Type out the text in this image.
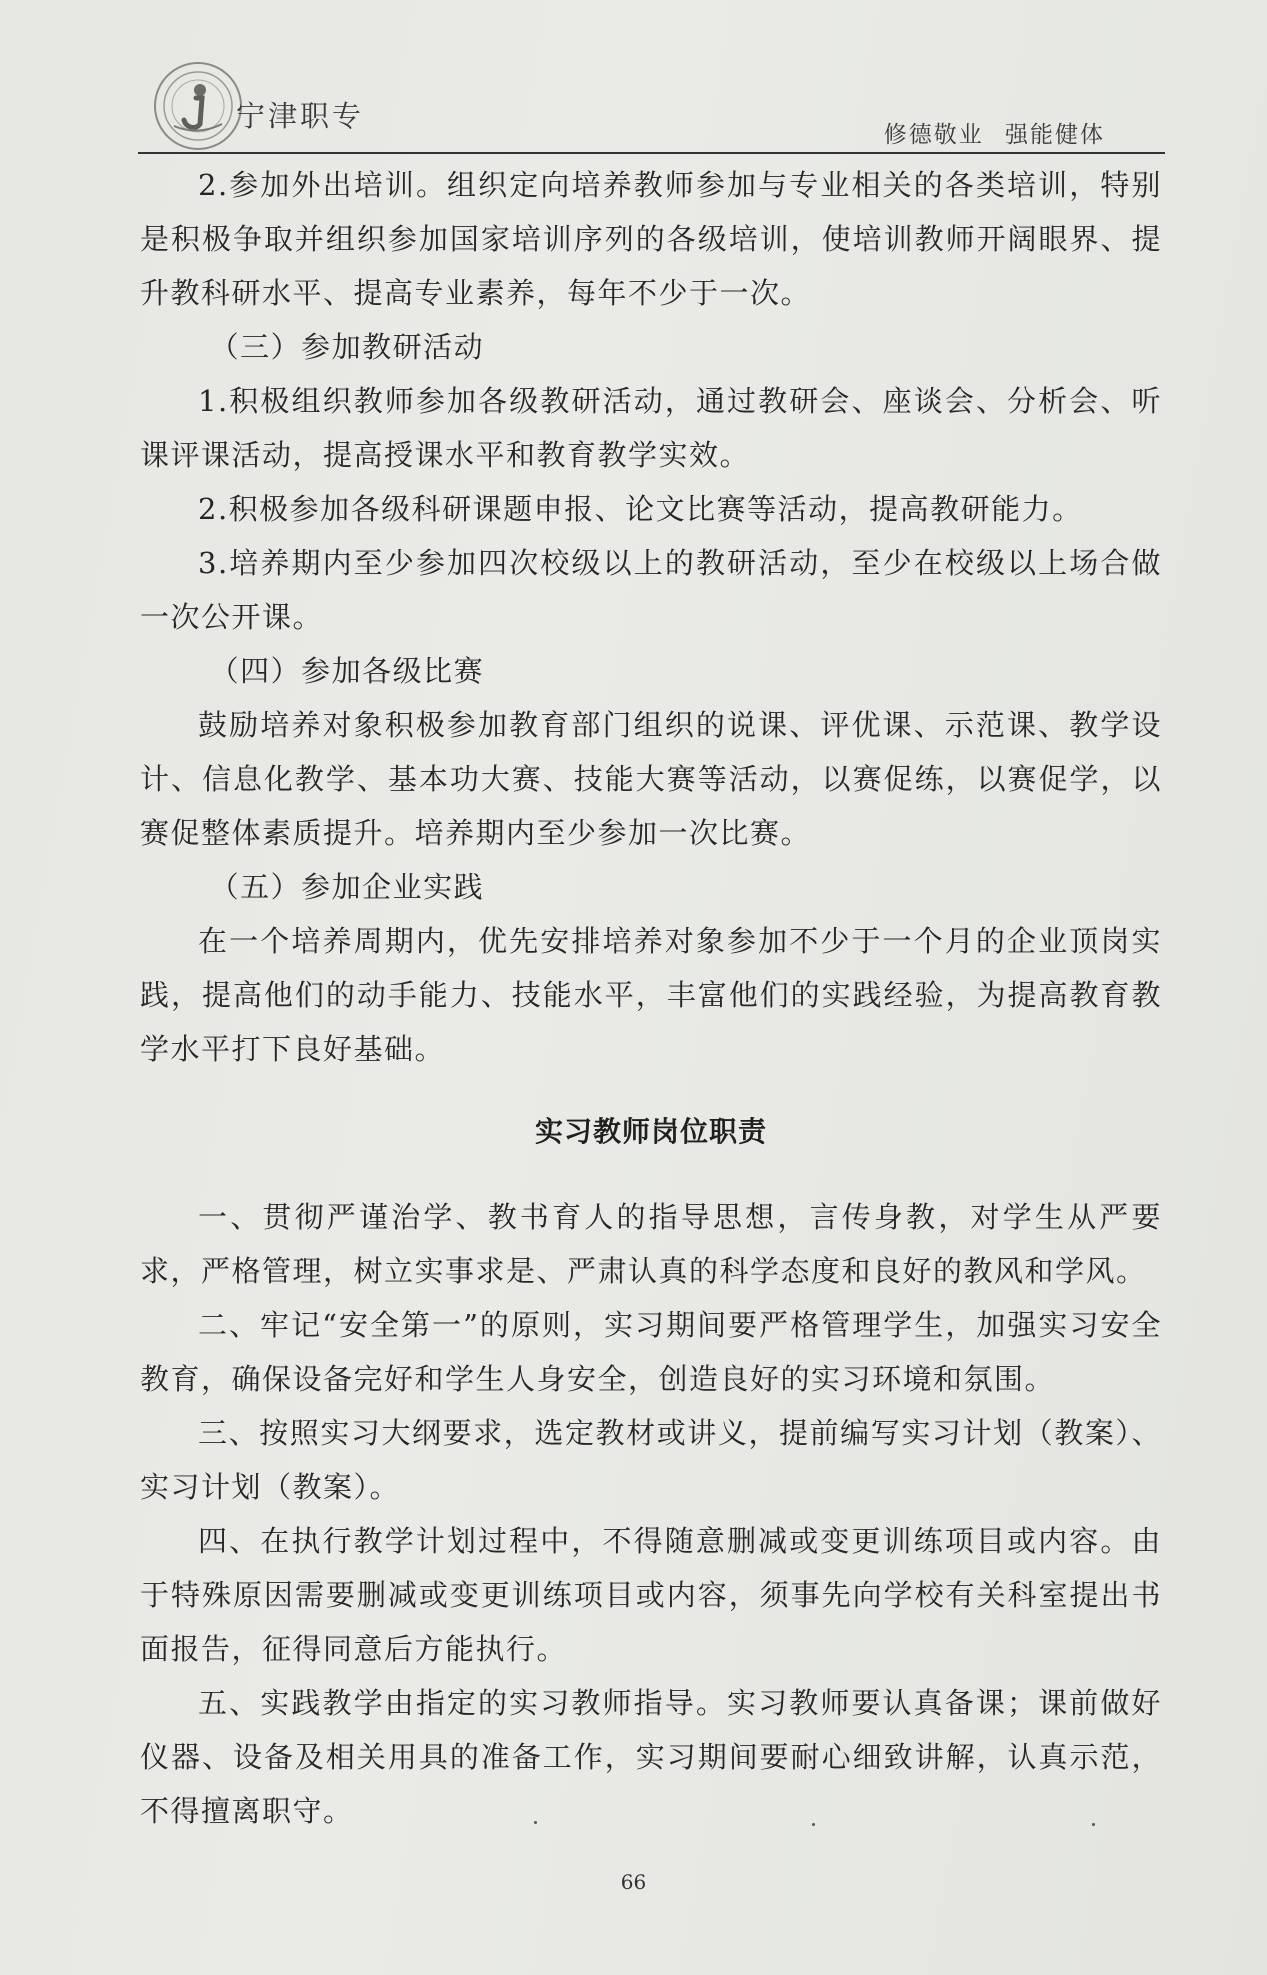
宁津职专
修德敬业 强能健体

2.参加外出培训。组织定向培养教师参加与专业相关的各类培训，特别是积极争取并组织参加国家培训序列的各级培训，使培训教师开阔眼界、提升教科研水平、提高专业素养，每年不少于一次。

（三）参加教研活动

1.积极组织教师参加各级教研活动，通过教研会、座谈会、分析会、听课评课活动，提高授课水平和教育教学实效。

2.积极参加各级科研课题申报、论文比赛等活动，提高教研能力。

3.培养期内至少参加四次校级以上的教研活动，至少在校级以上场合做一次公开课。

（四）参加各级比赛

鼓励培养对象积极参加教育部门组织的说课、评优课、示范课、教学设计、信息化教学、基本功大赛、技能大赛等活动，以赛促练，以赛促学，以赛促整体素质提升。培养期内至少参加一次比赛。

（五）参加企业实践

在一个培养周期内，优先安排培养对象参加不少于一个月的企业顶岗实践，提高他们的动手能力、技能水平，丰富他们的实践经验，为提高教育教学水平打下良好基础。

实习教师岗位职责

一、贯彻严谨治学、教书育人的指导思想，言传身教，对学生从严要求，严格管理，树立实事求是、严肃认真的科学态度和良好的教风和学风。

二、牢记“安全第一”的原则，实习期间要严格管理学生，加强实习安全教育，确保设备完好和学生人身安全，创造良好的实习环境和氛围。

三、按照实习大纲要求，选定教材或讲义，提前编写实习计划（教案）、实习计划（教案）。

四、在执行教学计划过程中，不得随意删减或变更训练项目或内容。由于特殊原因需要删减或变更训练项目或内容，须事先向学校有关科室提出书面报告，征得同意后方能执行。

五、实践教学由指定的实习教师指导。实习教师要认真备课；课前做好仪器、设备及相关用具的准备工作，实习期间要耐心细致讲解，认真示范，不得擅离职守。

66
